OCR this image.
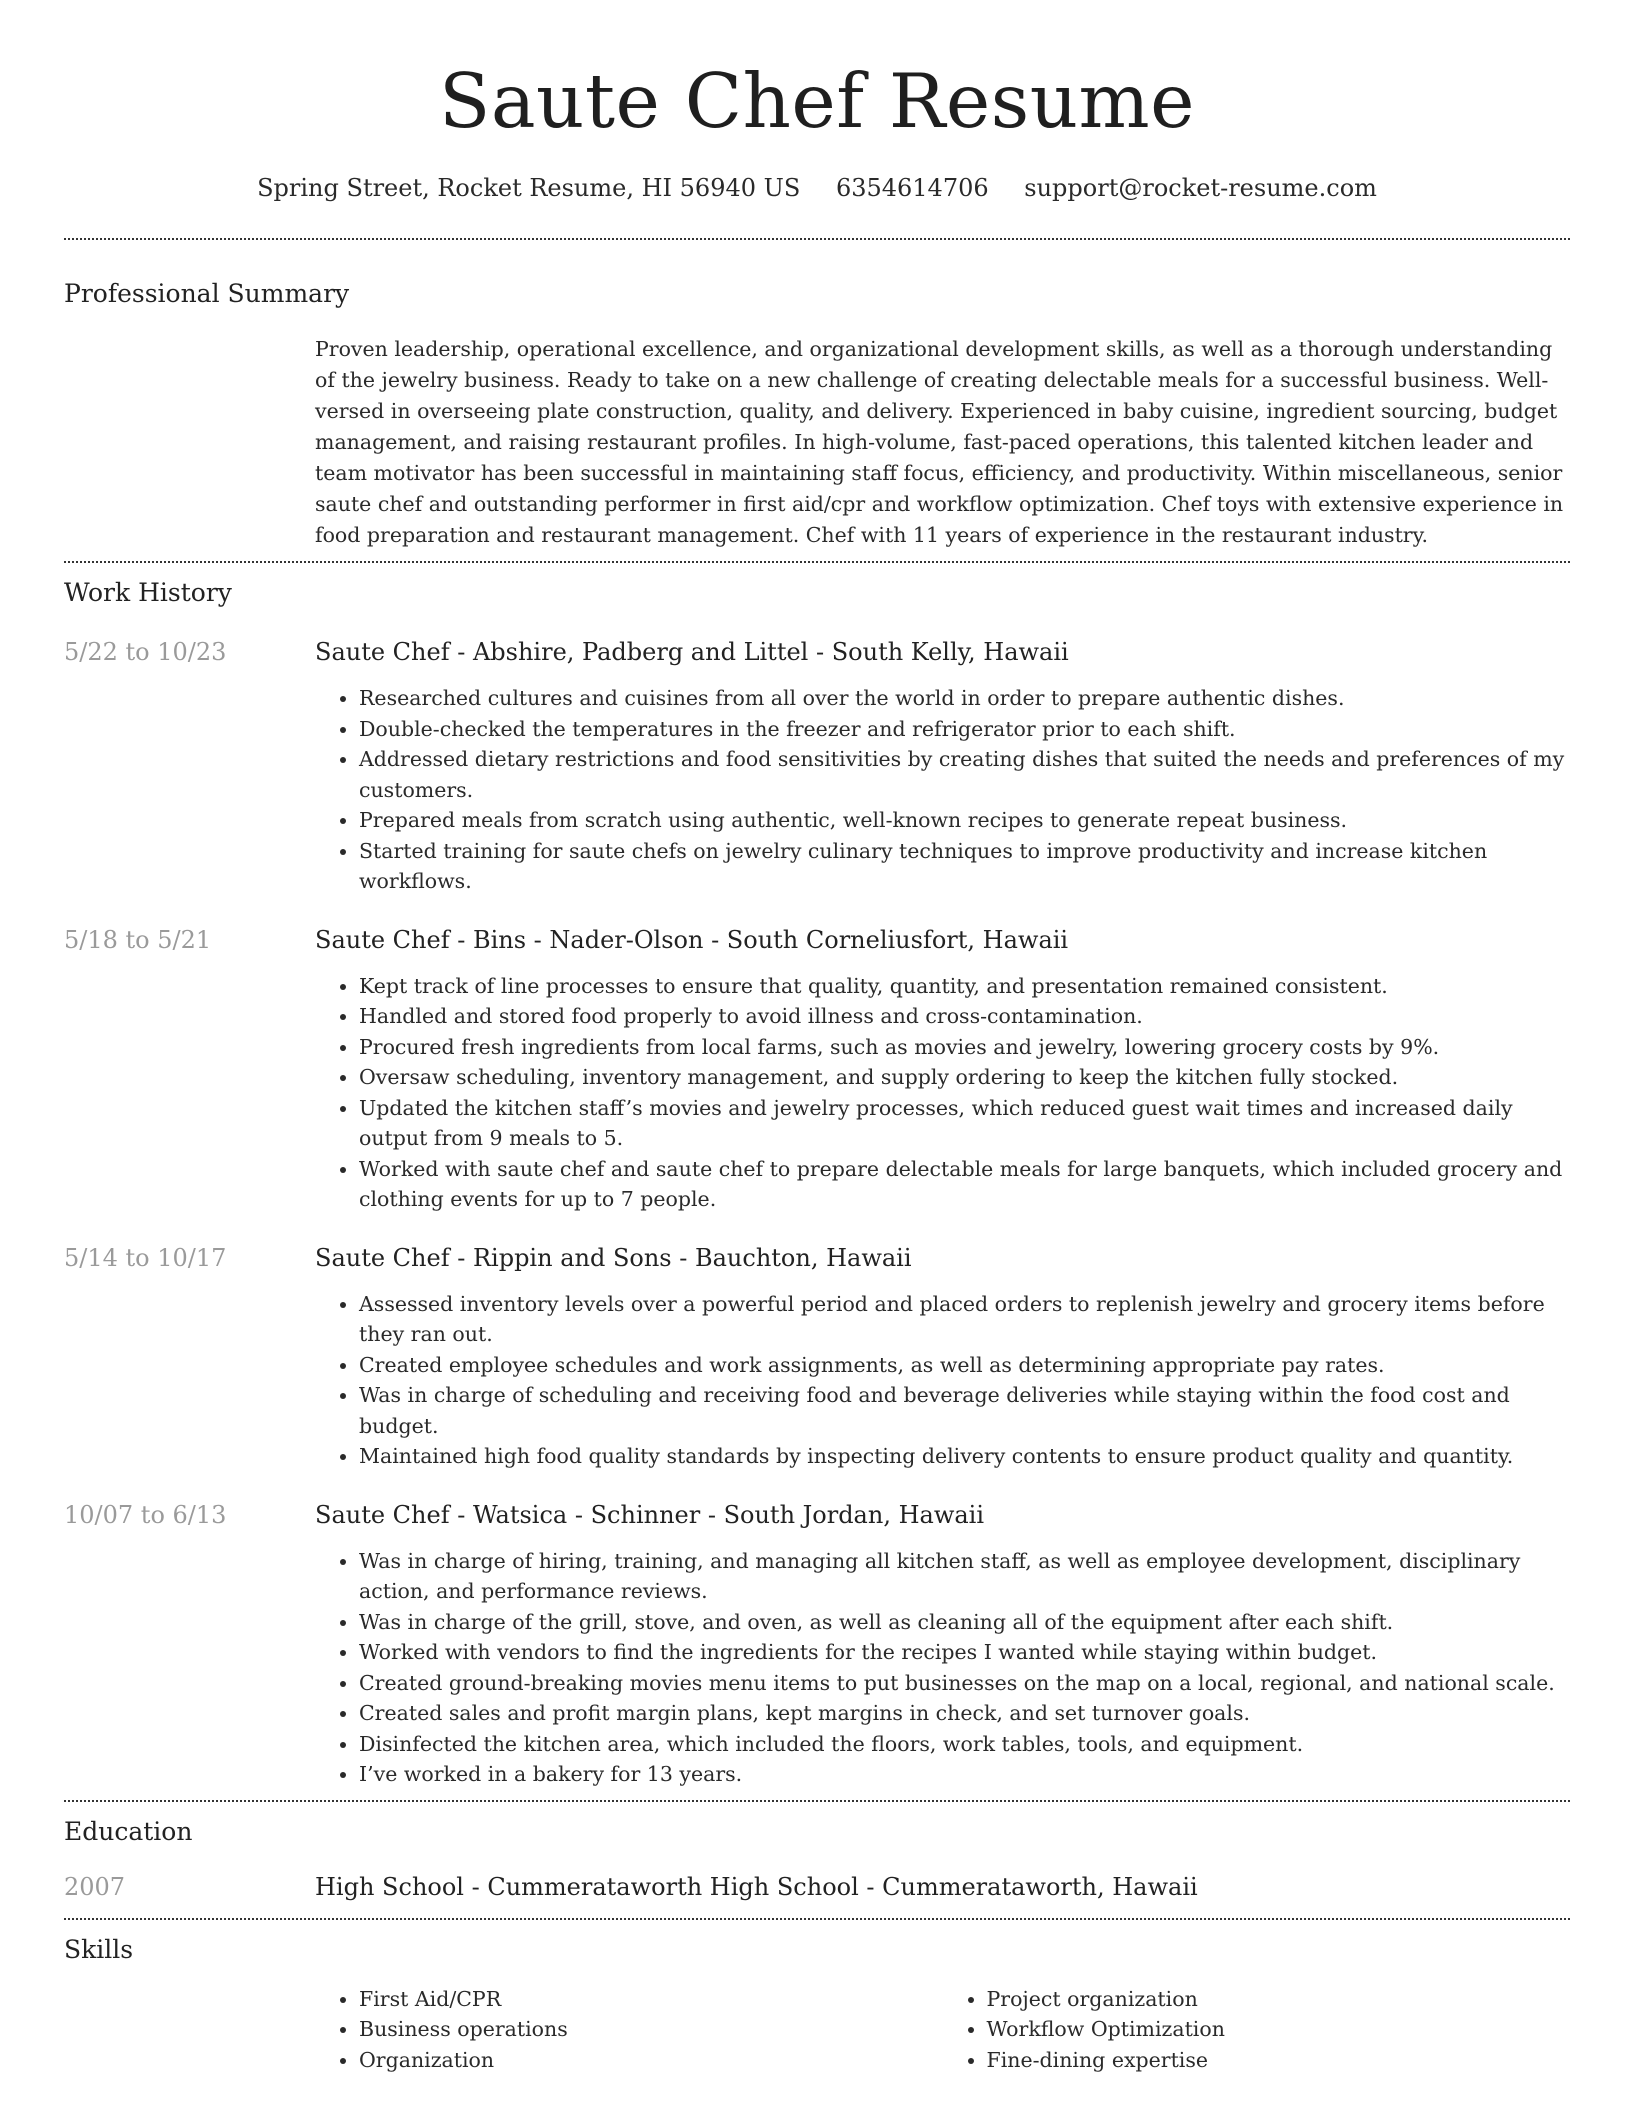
Saute Chef Resume
Spring Street, Rocket Resume, HI 56940 US 6354614706 support@rocket-resume.com
Professional Summary
Proven leadership, operational excellence, and organizational development skills, as well as a thorough understanding of the jewelry business. Ready to take on a new challenge of creating delectable meals for a successful business. Well-versed in overseeing plate construction, quality, and delivery. Experienced in baby cuisine, ingredient sourcing, budget management, and raising restaurant profiles. In high-volume, fast-paced operations, this talented kitchen leader and team motivator has been successful in maintaining staff focus, efficiency, and productivity. Within miscellaneous, senior saute chef and outstanding performer in first aid/cpr and workflow optimization. Chef toys with extensive experience in food preparation and restaurant management. Chef with 11 years of experience in the restaurant industry.
Work History
5/22 to 10/23	Saute Chef - Abshire, Padberg and Littel - South Kelly, Hawaii
• Researched cultures and cuisines from all over the world in order to prepare authentic dishes.
• Double-checked the temperatures in the freezer and refrigerator prior to each shift.
• Addressed dietary restrictions and food sensitivities by creating dishes that suited the needs and preferences of my customers.
• Prepared meals from scratch using authentic, well-known recipes to generate repeat business.
• Started training for saute chefs on jewelry culinary techniques to improve productivity and increase kitchen workflows.
5/18 to 5/21	Saute Chef - Bins - Nader-Olson - South Corneliusfort, Hawaii
• Kept track of line processes to ensure that quality, quantity, and presentation remained consistent.
• Handled and stored food properly to avoid illness and cross-contamination.
• Procured fresh ingredients from local farms, such as movies and jewelry, lowering grocery costs by 9%.
• Oversaw scheduling, inventory management, and supply ordering to keep the kitchen fully stocked.
• Updated the kitchen staff’s movies and jewelry processes, which reduced guest wait times and increased daily output from 9 meals to 5.
• Worked with saute chef and saute chef to prepare delectable meals for large banquets, which included grocery and clothing events for up to 7 people.
5/14 to 10/17	Saute Chef - Rippin and Sons - Bauchton, Hawaii
• Assessed inventory levels over a powerful period and placed orders to replenish jewelry and grocery items before they ran out.
• Created employee schedules and work assignments, as well as determining appropriate pay rates.
• Was in charge of scheduling and receiving food and beverage deliveries while staying within the food cost and budget.
• Maintained high food quality standards by inspecting delivery contents to ensure product quality and quantity.
10/07 to 6/13	Saute Chef - Watsica - Schinner - South Jordan, Hawaii
• Was in charge of hiring, training, and managing all kitchen staff, as well as employee development, disciplinary action, and performance reviews.
• Was in charge of the grill, stove, and oven, as well as cleaning all of the equipment after each shift.
• Worked with vendors to find the ingredients for the recipes I wanted while staying within budget.
• Created ground-breaking movies menu items to put businesses on the map on a local, regional, and national scale.
• Created sales and profit margin plans, kept margins in check, and set turnover goals.
• Disinfected the kitchen area, which included the floors, work tables, tools, and equipment.
• I’ve worked in a bakery for 13 years.
Education
2007	High School - Cummerataworth High School - Cummerataworth, Hawaii
Skills
• First Aid/CPR
• Business operations
• Organization
• Project organization
• Workflow Optimization
• Fine-dining expertise
